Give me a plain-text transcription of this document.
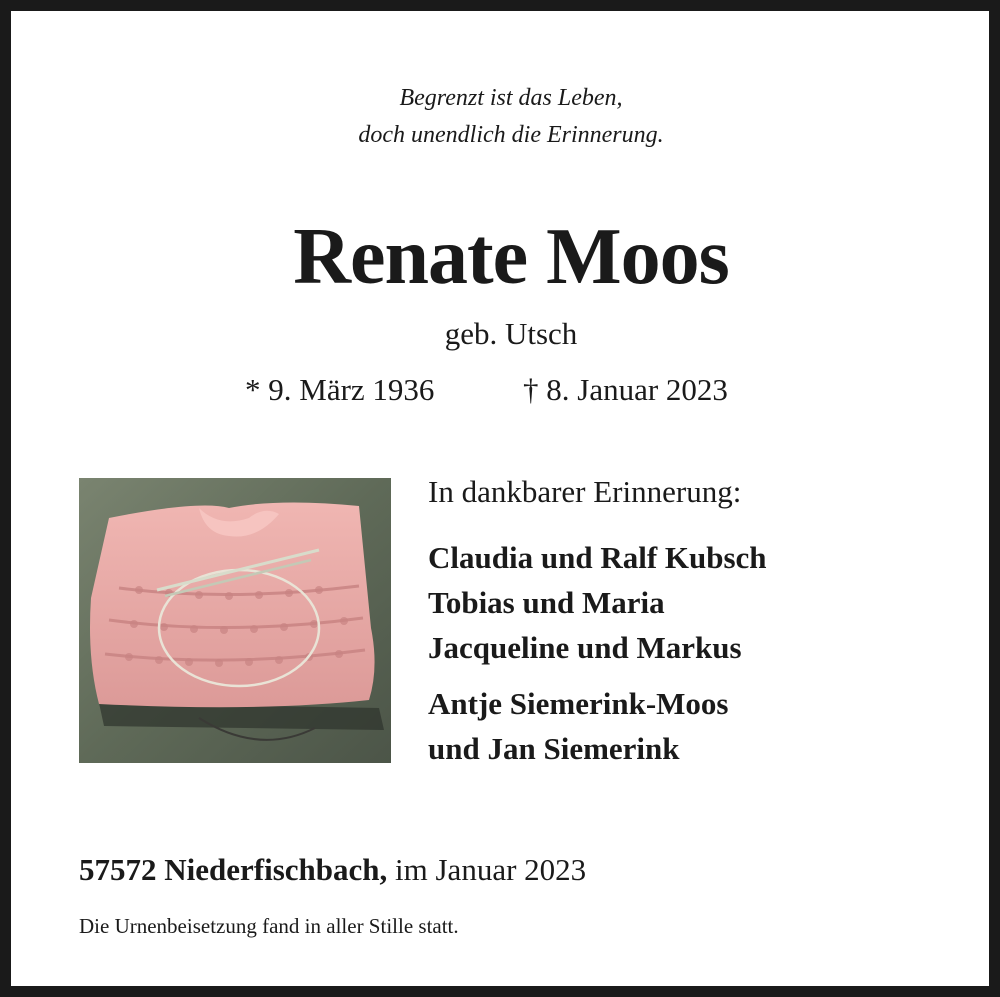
Begrenzt ist das Leben,
doch unendlich die Erinnerung.
Renate Moos
geb. Utsch
* 9. März 1936	† 8. Januar 2023
In dankbarer Erinnerung:
Claudia und Ralf Kubsch
Tobias und Maria
Jacqueline und Markus
Antje Siemerink-Moos
und Jan Siemerink
57572 Niederfischbach, im Januar 2023
Die Urnenbeisetzung fand in aller Stille statt.
